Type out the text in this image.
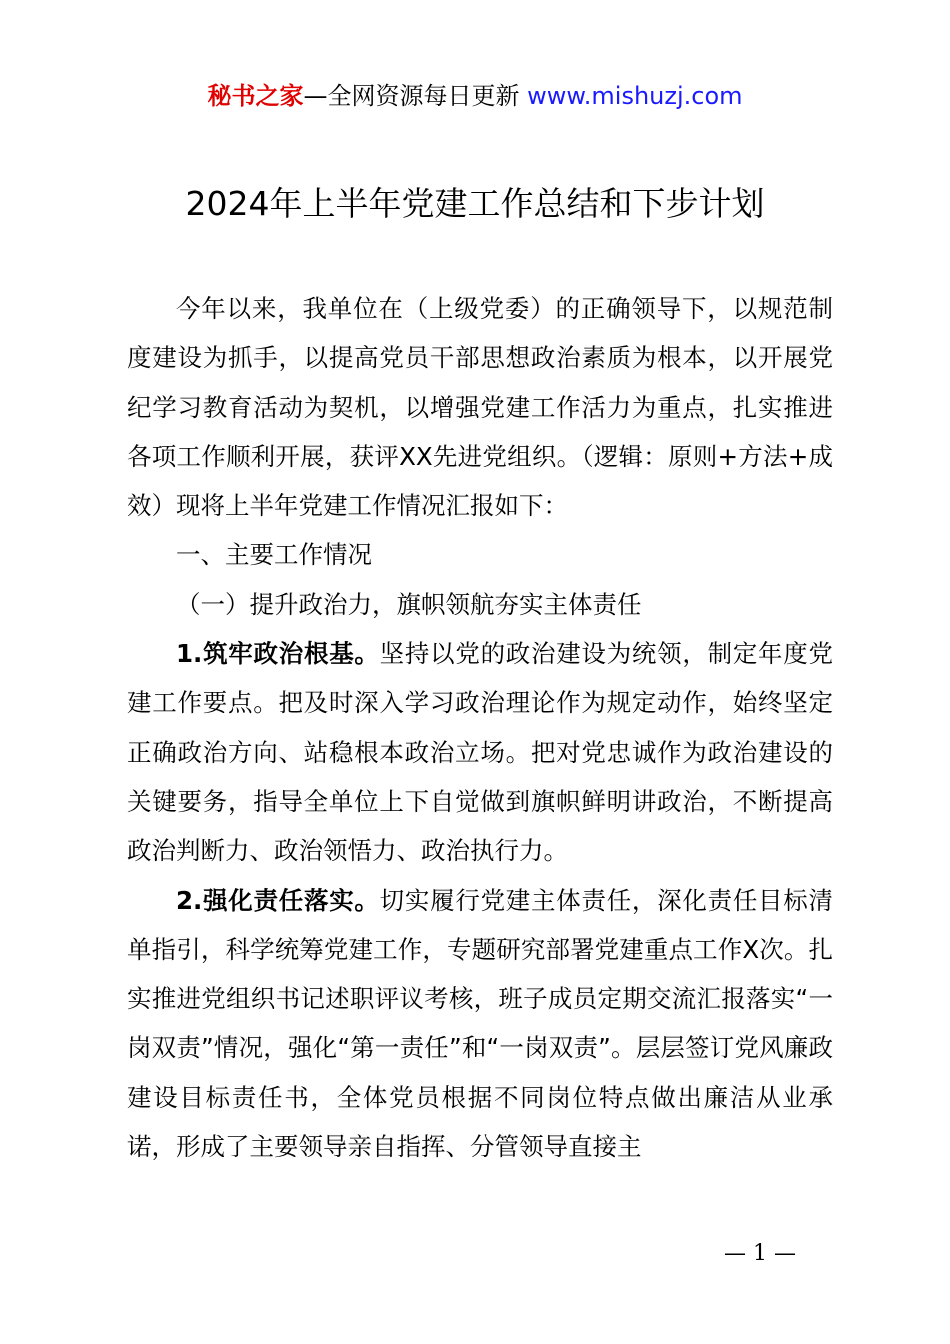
秘书之家—全网资源每日更新 www.mishuzj.com
2024年上半年党建工作总结和下步计划

今年以来，我单位在（上级党委）的正确领导下，以规范制度建设为抓手，以提高党员干部思想政治素质为根本，以开展党纪学习教育活动为契机，以增强党建工作活力为重点，扎实推进各项工作顺利开展，获评XX先进党组织。（逻辑：原则+方法+成效）现将上半年党建工作情况汇报如下：

一、主要工作情况

（一）提升政治力，旗帜领航夯实主体责任

1.筑牢政治根基。坚持以党的政治建设为统领，制定年度党建工作要点。把及时深入学习政治理论作为规定动作，始终坚定正确政治方向、站稳根本政治立场。把对党忠诚作为政治建设的关键要务，指导全单位上下自觉做到旗帜鲜明讲政治，不断提高政治判断力、政治领悟力、政治执行力。

2.强化责任落实。切实履行党建主体责任，深化责任目标清单指引，科学统筹党建工作，专题研究部署党建重点工作X次。扎实推进党组织书记述职评议考核，班子成员定期交流汇报落实“一岗双责”情况，强化“第一责任”和“一岗双责”。层层签订党风廉政建设目标责任书，全体党员根据不同岗位特点做出廉洁从业承诺，形成了主要领导亲自指挥、分管领导直接主

— 1 —
